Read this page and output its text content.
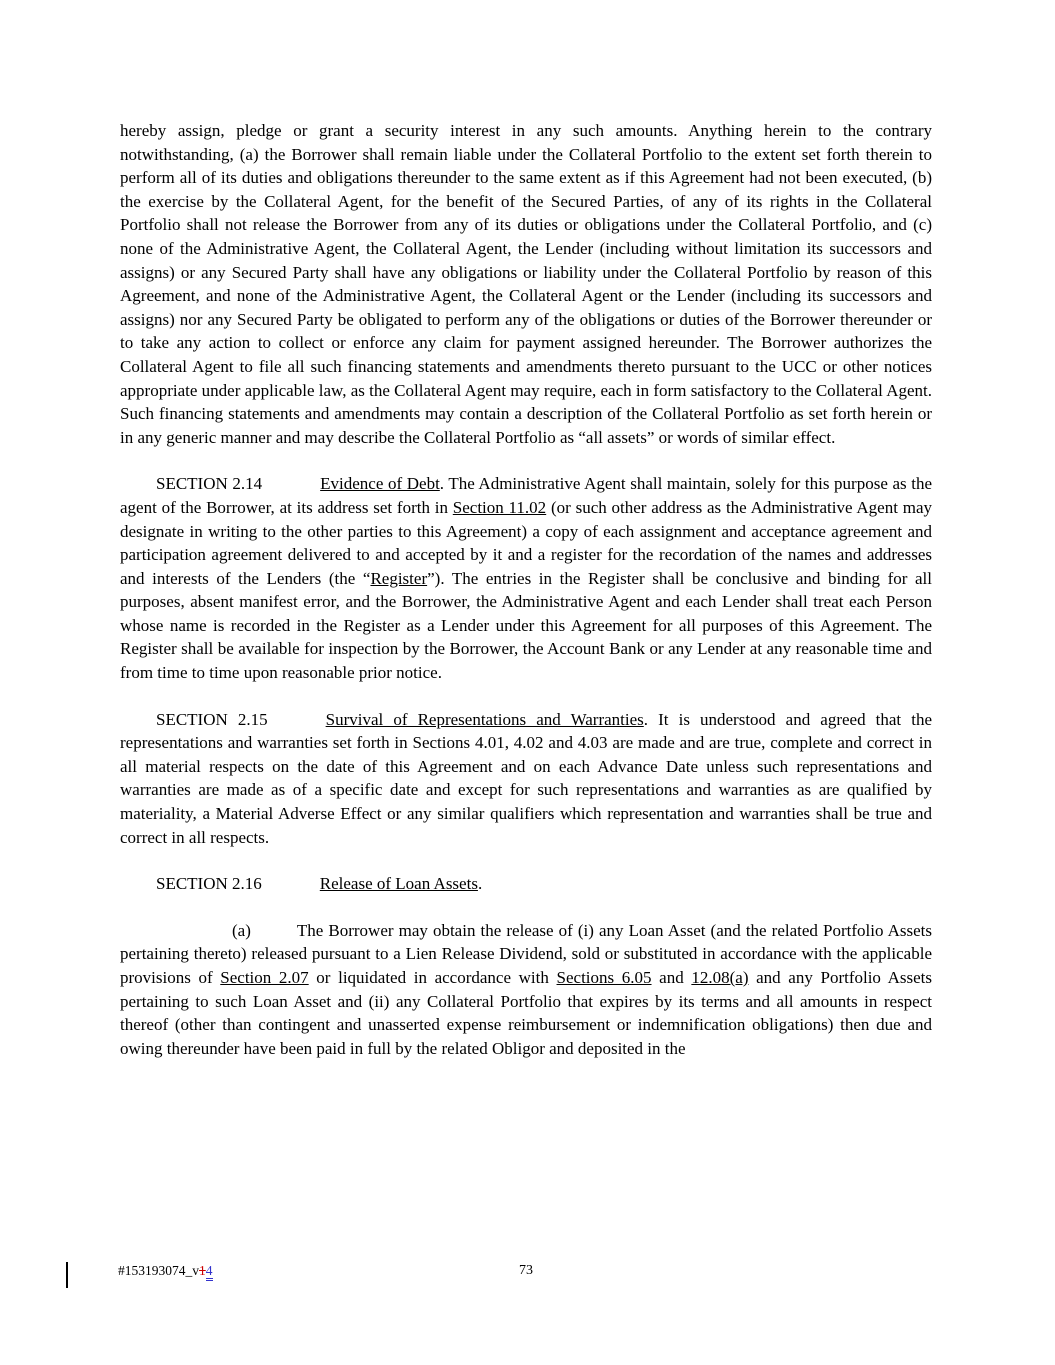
hereby assign, pledge or grant a security interest in any such amounts. Anything herein to the contrary notwithstanding, (a) the Borrower shall remain liable under the Collateral Portfolio to the extent set forth therein to perform all of its duties and obligations thereunder to the same extent as if this Agreement had not been executed, (b) the exercise by the Collateral Agent, for the benefit of the Secured Parties, of any of its rights in the Collateral Portfolio shall not release the Borrower from any of its duties or obligations under the Collateral Portfolio, and (c) none of the Administrative Agent, the Collateral Agent, the Lender (including without limitation its successors and assigns) or any Secured Party shall have any obligations or liability under the Collateral Portfolio by reason of this Agreement, and none of the Administrative Agent, the Collateral Agent or the Lender (including its successors and assigns) nor any Secured Party be obligated to perform any of the obligations or duties of the Borrower thereunder or to take any action to collect or enforce any claim for payment assigned hereunder. The Borrower authorizes the Collateral Agent to file all such financing statements and amendments thereto pursuant to the UCC or other notices appropriate under applicable law, as the Collateral Agent may require, each in form satisfactory to the Collateral Agent. Such financing statements and amendments may contain a description of the Collateral Portfolio as set forth herein or in any generic manner and may describe the Collateral Portfolio as “all assets” or words of similar effect.

SECTION 2.14	Evidence of Debt. The Administrative Agent shall maintain, solely for this purpose as the agent of the Borrower, at its address set forth in Section 11.02 (or such other address as the Administrative Agent may designate in writing to the other parties to this Agreement) a copy of each assignment and acceptance agreement and participation agreement delivered to and accepted by it and a register for the recordation of the names and addresses and interests of the Lenders (the “Register”). The entries in the Register shall be conclusive and binding for all purposes, absent manifest error, and the Borrower, the Administrative Agent and each Lender shall treat each Person whose name is recorded in the Register as a Lender under this Agreement for all purposes of this Agreement. The Register shall be available for inspection by the Borrower, the Account Bank or any Lender at any reasonable time and from time to time upon reasonable prior notice.

SECTION 2.15	Survival of Representations and Warranties. It is understood and agreed that the representations and warranties set forth in Sections 4.01, 4.02 and 4.03 are made and are true, complete and correct in all material respects on the date of this Agreement and on each Advance Date unless such representations and warranties are made as of a specific date and except for such representations and warranties as are qualified by materiality, a Material Adverse Effect or any similar qualifiers which representation and warranties shall be true and correct in all respects.

SECTION 2.16	Release of Loan Assets.

(a)	The Borrower may obtain the release of (i) any Loan Asset (and the related Portfolio Assets pertaining thereto) released pursuant to a Lien Release Dividend, sold or substituted in accordance with the applicable provisions of Section 2.07 or liquidated in accordance with Sections 6.05 and 12.08(a) and any Portfolio Assets pertaining to such Loan Asset and (ii) any Collateral Portfolio that expires by its terms and all amounts in respect thereof (other than contingent and unasserted expense reimbursement or indemnification obligations) then due and owing thereunder have been paid in full by the related Obligor and deposited in the

#153193074_v14	73
